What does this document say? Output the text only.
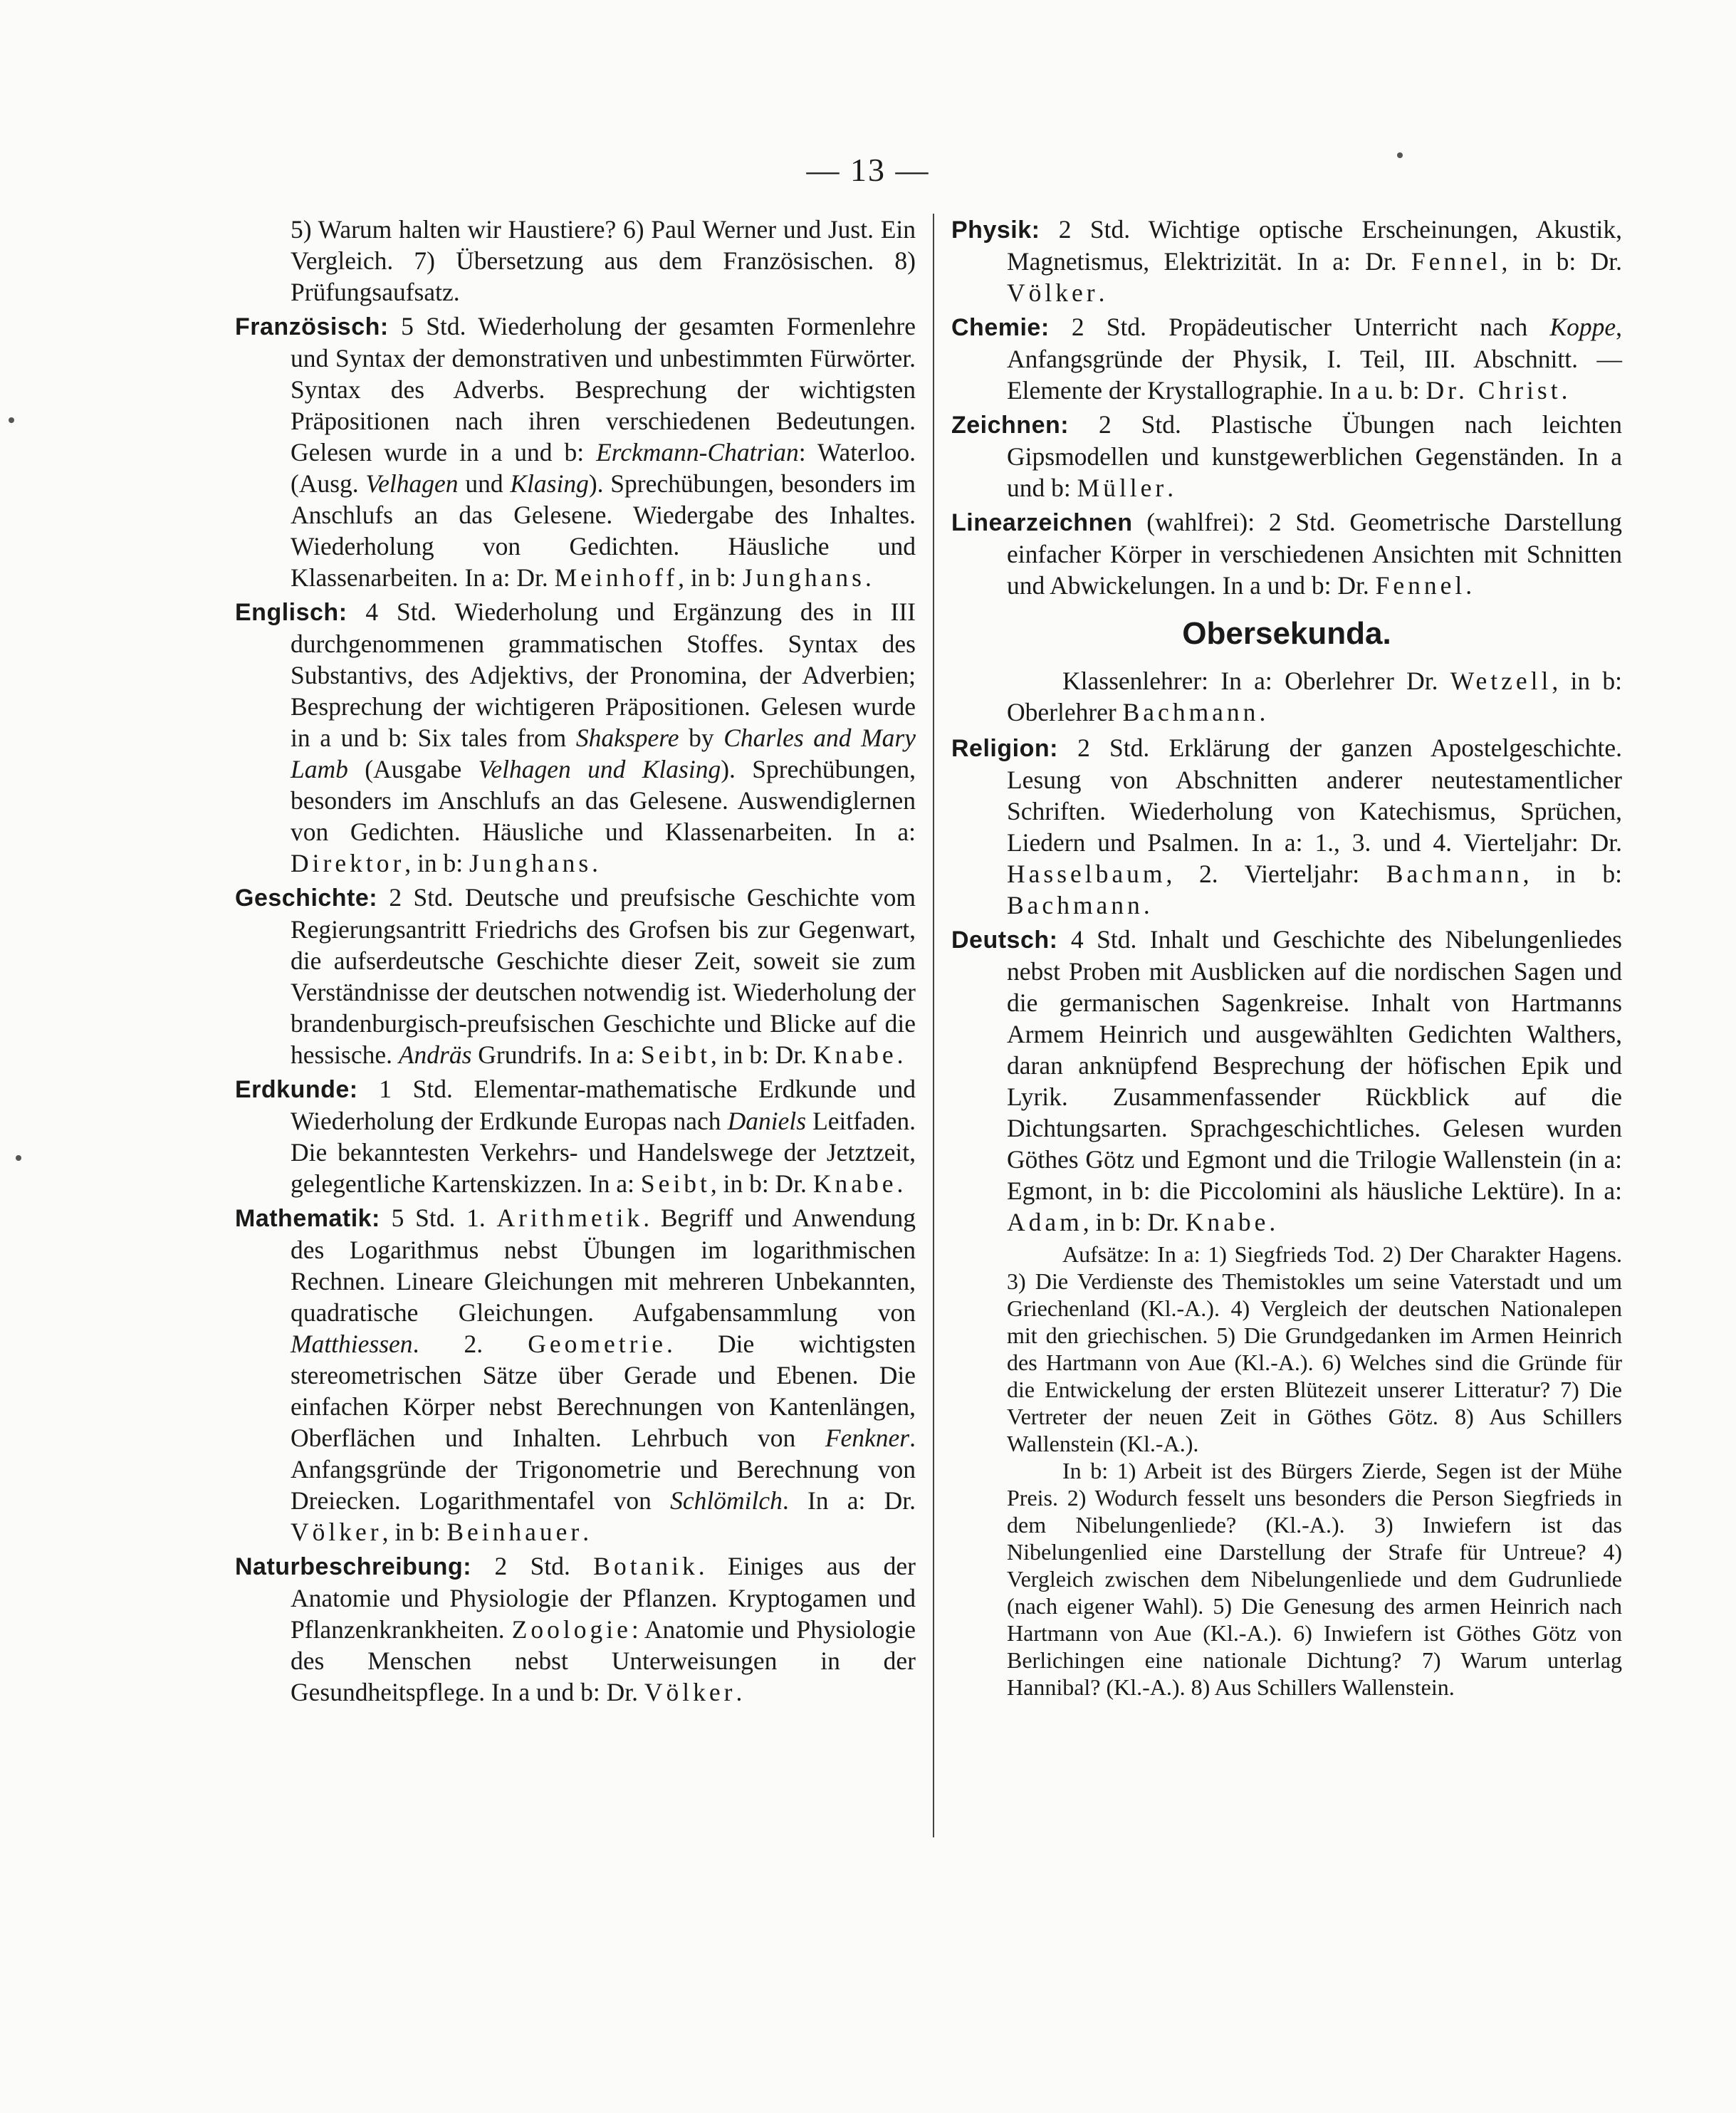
— 13 —

5) Warum halten wir Haustiere? 6) Paul Werner und Just. Ein Vergleich. 7) Übersetzung aus dem Französischen. 8) Prüfungsaufsatz.

Französisch: 5 Std. Wiederholung der gesamten Formenlehre und Syntax der demonstrativen und unbestimmten Fürwörter. Syntax des Adverbs. Besprechung der wichtigsten Präpositionen nach ihren verschiedenen Bedeutungen. Gelesen wurde in a und b: Erckmann-Chatrian: Waterloo. (Ausg. Velhagen und Klasing). Sprechübungen, besonders im Anschlufs an das Gelesene. Wiedergabe des Inhaltes. Wiederholung von Gedichten. Häusliche und Klassenarbeiten. In a: Dr. Meinhoff, in b: Junghans.

Englisch: 4 Std. Wiederholung und Ergänzung des in III durchgenommenen grammatischen Stoffes. Syntax des Substantivs, des Adjektivs, der Pronomina, der Adverbien; Besprechung der wichtigeren Präpositionen. Gelesen wurde in a und b: Six tales from Shakspere by Charles and Mary Lamb (Ausgabe Velhagen und Klasing). Sprechübungen, besonders im Anschlufs an das Gelesene. Auswendiglernen von Gedichten. Häusliche und Klassenarbeiten. In a: Direktor, in b: Junghans.

Geschichte: 2 Std. Deutsche und preufsische Geschichte vom Regierungsantritt Friedrichs des Grofsen bis zur Gegenwart, die aufserdeutsche Geschichte dieser Zeit, soweit sie zum Verständnisse der deutschen notwendig ist. Wiederholung der brandenburgisch-preufsischen Geschichte und Blicke auf die hessische. Andräs Grundrifs. In a: Seibt, in b: Dr. Knabe.

Erdkunde: 1 Std. Elementar-mathematische Erdkunde und Wiederholung der Erdkunde Europas nach Daniels Leitfaden. Die bekanntesten Verkehrs- und Handelswege der Jetztzeit, gelegentliche Kartenskizzen. In a: Seibt, in b: Dr. Knabe.

Mathematik: 5 Std. 1. Arithmetik. Begriff und Anwendung des Logarithmus nebst Übungen im logarithmischen Rechnen. Lineare Gleichungen mit mehreren Unbekannten, quadratische Gleichungen. Aufgabensammlung von Matthiessen. 2. Geometrie. Die wichtigsten stereometrischen Sätze über Gerade und Ebenen. Die einfachen Körper nebst Berechnungen von Kantenlängen, Oberflächen und Inhalten. Lehrbuch von Fenkner. Anfangsgründe der Trigonometrie und Berechnung von Dreiecken. Logarithmentafel von Schlömilch. In a: Dr. Völker, in b: Beinhauer.

Naturbeschreibung: 2 Std. Botanik. Einiges aus der Anatomie und Physiologie der Pflanzen. Kryptogamen und Pflanzenkrankheiten. Zoologie: Anatomie und Physiologie des Menschen nebst Unterweisungen in der Gesundheitspflege. In a und b: Dr. Völker.

Physik: 2 Std. Wichtige optische Erscheinungen, Akustik, Magnetismus, Elektrizität. In a: Dr. Fennel, in b: Dr. Völker.

Chemie: 2 Std. Propädeutischer Unterricht nach Koppe, Anfangsgründe der Physik, I. Teil, III. Abschnitt. — Elemente der Krystallographie. In a u. b: Dr. Christ.

Zeichnen: 2 Std. Plastische Übungen nach leichten Gipsmodellen und kunstgewerblichen Gegenständen. In a und b: Müller.

Linearzeichnen (wahlfrei): 2 Std. Geometrische Darstellung einfacher Körper in verschiedenen Ansichten mit Schnitten und Abwickelungen. In a und b: Dr. Fennel.

Obersekunda.

Klassenlehrer: In a: Oberlehrer Dr. Wetzell, in b: Oberlehrer Bachmann.

Religion: 2 Std. Erklärung der ganzen Apostelgeschichte. Lesung von Abschnitten anderer neutestamentlicher Schriften. Wiederholung von Katechismus, Sprüchen, Liedern und Psalmen. In a: 1., 3. und 4. Vierteljahr: Dr. Hasselbaum, 2. Vierteljahr: Bachmann, in b: Bachmann.

Deutsch: 4 Std. Inhalt und Geschichte des Nibelungenliedes nebst Proben mit Ausblicken auf die nordischen Sagen und die germanischen Sagenkreise. Inhalt von Hartmanns Armem Heinrich und ausgewählten Gedichten Walthers, daran anknüpfend Besprechung der höfischen Epik und Lyrik. Zusammenfassender Rückblick auf die Dichtungsarten. Sprachgeschichtliches. Gelesen wurden Göthes Götz und Egmont und die Trilogie Wallenstein (in a: Egmont, in b: die Piccolomini als häusliche Lektüre). In a: Adam, in b: Dr. Knabe.

Aufsätze: In a: 1) Siegfrieds Tod. 2) Der Charakter Hagens. 3) Die Verdienste des Themistokles um seine Vaterstadt und um Griechenland (Kl.-A.). 4) Vergleich der deutschen Nationalepen mit den griechischen. 5) Die Grundgedanken im Armen Heinrich des Hartmann von Aue (Kl.-A.). 6) Welches sind die Gründe für die Entwickelung der ersten Blütezeit unserer Litteratur? 7) Die Vertreter der neuen Zeit in Göthes Götz. 8) Aus Schillers Wallenstein (Kl.-A.).

In b: 1) Arbeit ist des Bürgers Zierde, Segen ist der Mühe Preis. 2) Wodurch fesselt uns besonders die Person Siegfrieds in dem Nibelungenliede? (Kl.-A.). 3) Inwiefern ist das Nibelungenlied eine Darstellung der Strafe für Untreue? 4) Vergleich zwischen dem Nibelungenliede und dem Gudrunliede (nach eigener Wahl). 5) Die Genesung des armen Heinrich nach Hartmann von Aue (Kl.-A.). 6) Inwiefern ist Göthes Götz von Berlichingen eine nationale Dichtung? 7) Warum unterlag Hannibal? (Kl.-A.). 8) Aus Schillers Wallenstein.
